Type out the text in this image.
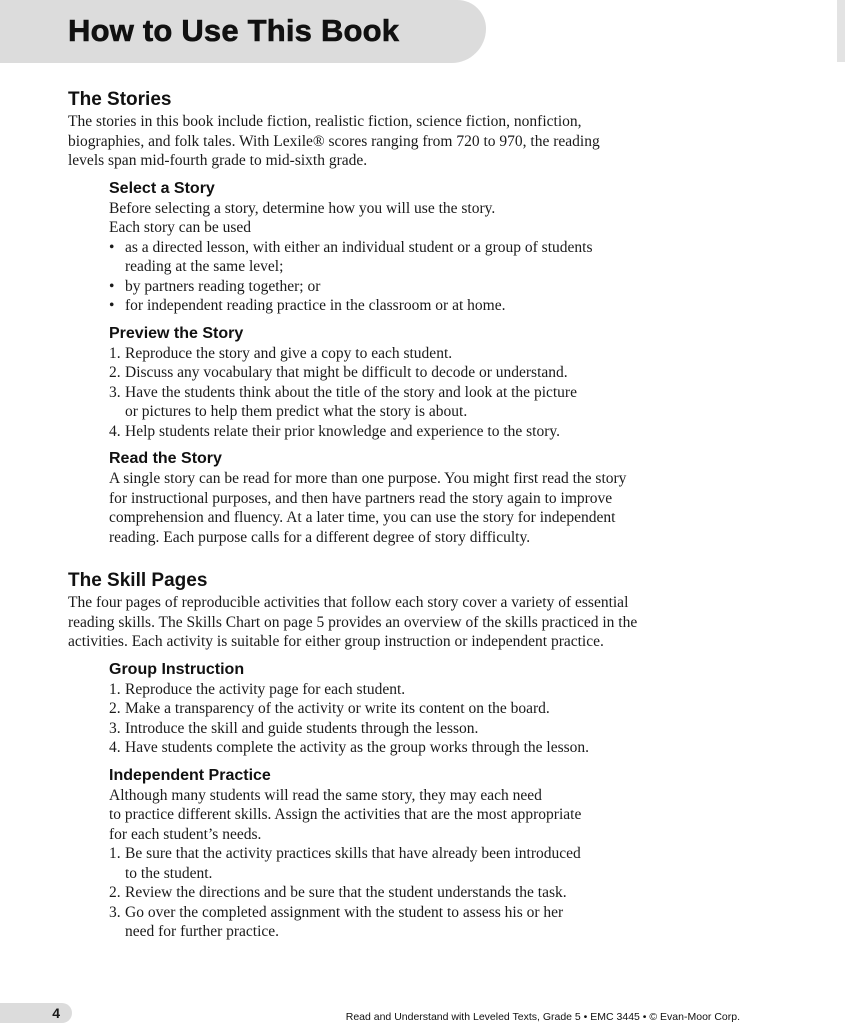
How to Use This Book
The Stories

The stories in this book include fiction, realistic fiction, science fiction, nonfiction,

biographies, and folk tales. With Lexile® scores ranging from 720 to 970, the reading

levels span mid-fourth grade to mid-sixth grade.

Select a Story

Before selecting a story, determine how you will use the story.

Each story can be used

• as a directed lesson, with either an individual student or a group of students
reading at the same level;
• by partners reading together; or
• for independent reading practice in the classroom or at home.
Preview the Story
1. Reproduce the story and give a copy to each student.
2. Discuss any vocabulary that might be difficult to decode or understand.
3. Have the students think about the title of the story and look at the picture
or pictures to help them predict what the story is about.
4. Help students relate their prior knowledge and experience to the story.
Read the Story

A single story can be read for more than one purpose. You might first read the story

for instructional purposes, and then have partners read the story again to improve

comprehension and fluency. At a later time, you can use the story for independent

reading. Each purpose calls for a different degree of story difficulty.

The Skill Pages

The four pages of reproducible activities that follow each story cover a variety of essential

reading skills. The Skills Chart on page 5 provides an overview of the skills practiced in the

activities. Each activity is suitable for either group instruction or independent practice.

Group Instruction
1. Reproduce the activity page for each student.
2. Make a transparency of the activity or write its content on the board.
3. Introduce the skill and guide students through the lesson.
4. Have students complete the activity as the group works through the lesson.
Independent Practice

Although many students will read the same story, they may each need

to practice different skills. Assign the activities that are the most appropriate

for each student’s needs.

1. Be sure that the activity practices skills that have already been introduced
to the student.
2. Review the directions and be sure that the student understands the task.
3. Go over the completed assignment with the student to assess his or her
need for further practice.
4	Read and Understand with Leveled Texts, Grade 5 • EMC 3445 • © Evan-Moor Corp.
